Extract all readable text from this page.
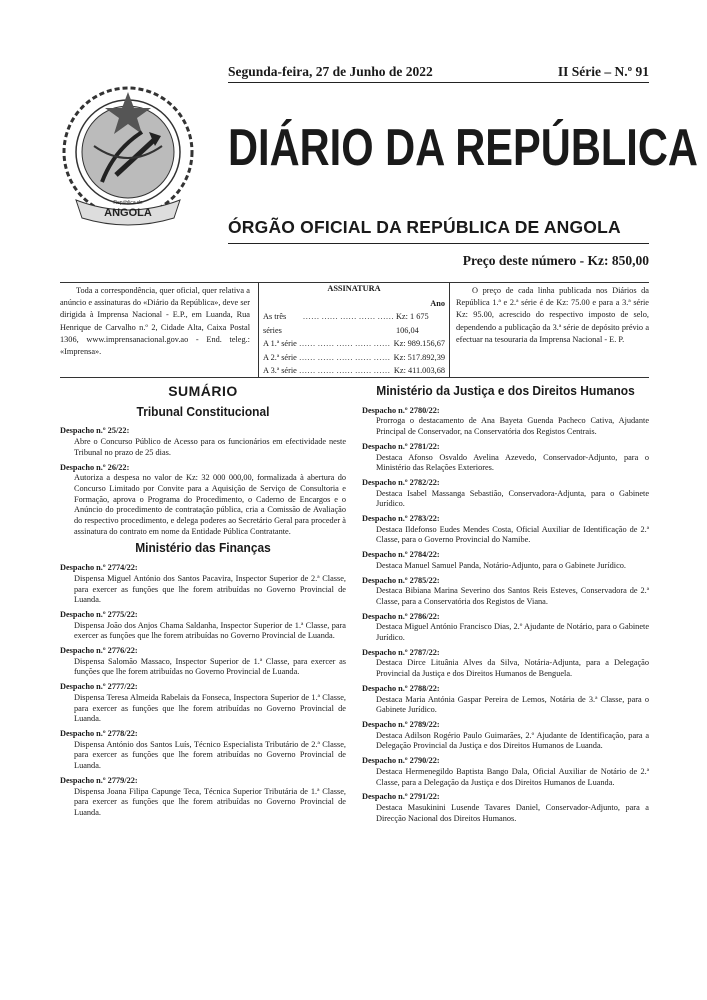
Segunda-feira, 27 de Junho de 2022	II Série – N.º 91
ANGOLA
República de
DIÁRIO DA REPÚBLICA
ÓRGÃO OFICIAL DA REPÚBLICA DE ANGOLA
Preço deste número - Kz: 850,00
Toda a correspondência, quer oficial, quer relativa a anúncio e assinaturas do «Diário da República», deve ser dirigida à Imprensa Nacional - E.P., em Luanda, Rua Henrique de Carvalho n.º 2, Cidade Alta, Caixa Postal 1306, www.imprensanacional.gov.ao - End. teleg.: «Imprensa».
ASSINATURA
Ano
As três séries
…… …… …… …… …… Kz: 1 675 106,04
A 1.ª série …… …… …… …… …… Kz: 989.156,67
A 2.ª série …… …… …… …… …… Kz: 517.892,39
A 3.ª série …… …… …… …… …… Kz: 411.003,68
O preço de cada linha publicada nos Diários da República 1.ª e 2.ª série é de Kz: 75.00 e para a 3.ª série Kz: 95.00, acrescido do respectivo imposto de selo, dependendo a publicação da 3.ª série de depósito prévio a efectuar na tesouraria da Imprensa Nacional - E. P.
SUMÁRIO
Tribunal Constitucional
Despacho n.º 25/22:
Abre o Concurso Público de Acesso para os funcionários em efectividade neste Tribunal no prazo de 25 dias.
Despacho n.º 26/22:
Autoriza a despesa no valor de Kz: 32 000 000,00, formalizada à abertura do Concurso Limitado por Convite para a Aquisição de Serviço de Consultoria e Formação, aprova o Programa do Procedimento, o Caderno de Encargos e o Anúncio do procedimento de contratação pública, cria a Comissão de Avaliação do respectivo procedimento, e delega poderes ao Secretário Geral para proceder à assinatura do contrato em nome da Entidade Pública Contratante.
Ministério das Finanças
Despacho n.º 2774/22:
Dispensa Miguel António dos Santos Pacavira, Inspector Superior de 2.ª Classe, para exercer as funções que lhe forem atribuídas no Governo Provincial de Luanda.
Despacho n.º 2775/22:
Dispensa João dos Anjos Chama Saldanha, Inspector Superior de 1.ª Classe, para exercer as funções que lhe forem atribuídas no Governo Provincial de Luanda.
Despacho n.º 2776/22:
Dispensa Salomão Massaco, Inspector Superior de 1.ª Classe, para exercer as funções que lhe forem atribuídas no Governo Provincial de Luanda.
Despacho n.º 2777/22:
Dispensa Teresa Almeida Rabelais da Fonseca, Inspectora Superior de 1.ª Classe, para exercer as funções que lhe forem atribuídas no Governo Provincial de Luanda.
Despacho n.º 2778/22:
Dispensa António dos Santos Luís, Técnico Especialista Tributário de 2.ª Classe, para exercer as funções que lhe forem atribuídas no Governo Provincial de Luanda.
Despacho n.º 2779/22:
Dispensa Joana Filipa Capunge Teca, Técnica Superior Tributária de 1.ª Classe, para exercer as funções que lhe forem atribuídas no Governo Provincial de Luanda.
Ministério da Justiça e dos Direitos Humanos
Despacho n.º 2780/22:
Prorroga o destacamento de Ana Bayeta Guenda Pacheco Cativa, Ajudante Principal de Conservador, na Conservatória dos Registos Centrais.
Despacho n.º 2781/22:
Destaca Afonso Osvaldo Avelina Azevedo, Conservador-Adjunto, para o Ministério das Relações Exteriores.
Despacho n.º 2782/22:
Destaca Isabel Massanga Sebastião, Conservadora-Adjunta, para o Gabinete Jurídico.
Despacho n.º 2783/22:
Destaca Ildefonso Eudes Mendes Costa, Oficial Auxiliar de Identificação de 2.ª Classe, para o Governo Provincial do Namibe.
Despacho n.º 2784/22:
Destaca Manuel Samuel Panda, Notário-Adjunto, para o Gabinete Jurídico.
Despacho n.º 2785/22:
Destaca Bibiana Marina Severino dos Santos Reis Esteves, Conservadora de 2.ª Classe, para a Conservatória dos Registos de Viana.
Despacho n.º 2786/22:
Destaca Miguel António Francisco Dias, 2.º Ajudante de Notário, para o Gabinete Jurídico.
Despacho n.º 2787/22:
Destaca Dirce Lituânia Alves da Silva, Notária-Adjunta, para a Delegação Provincial da Justiça e dos Direitos Humanos de Benguela.
Despacho n.º 2788/22:
Destaca Maria Antónia Gaspar Pereira de Lemos, Notária de 3.ª Classe, para o Gabinete Jurídico.
Despacho n.º 2789/22:
Destaca Adilson Rogério Paulo Guimarães, 2.º Ajudante de Identificação, para a Delegação Provincial da Justiça e dos Direitos Humanos de Luanda.
Despacho n.º 2790/22:
Destaca Hermenegildo Baptista Bango Dala, Oficial Auxiliar de Notário de 2.ª Classe, para a Delegação da Justiça e dos Direitos Humanos de Luanda.
Despacho n.º 2791/22:
Destaca Masukinini Lusende Tavares Daniel, Conservador-Adjunto, para a Direcção Nacional dos Direitos Humanos.
